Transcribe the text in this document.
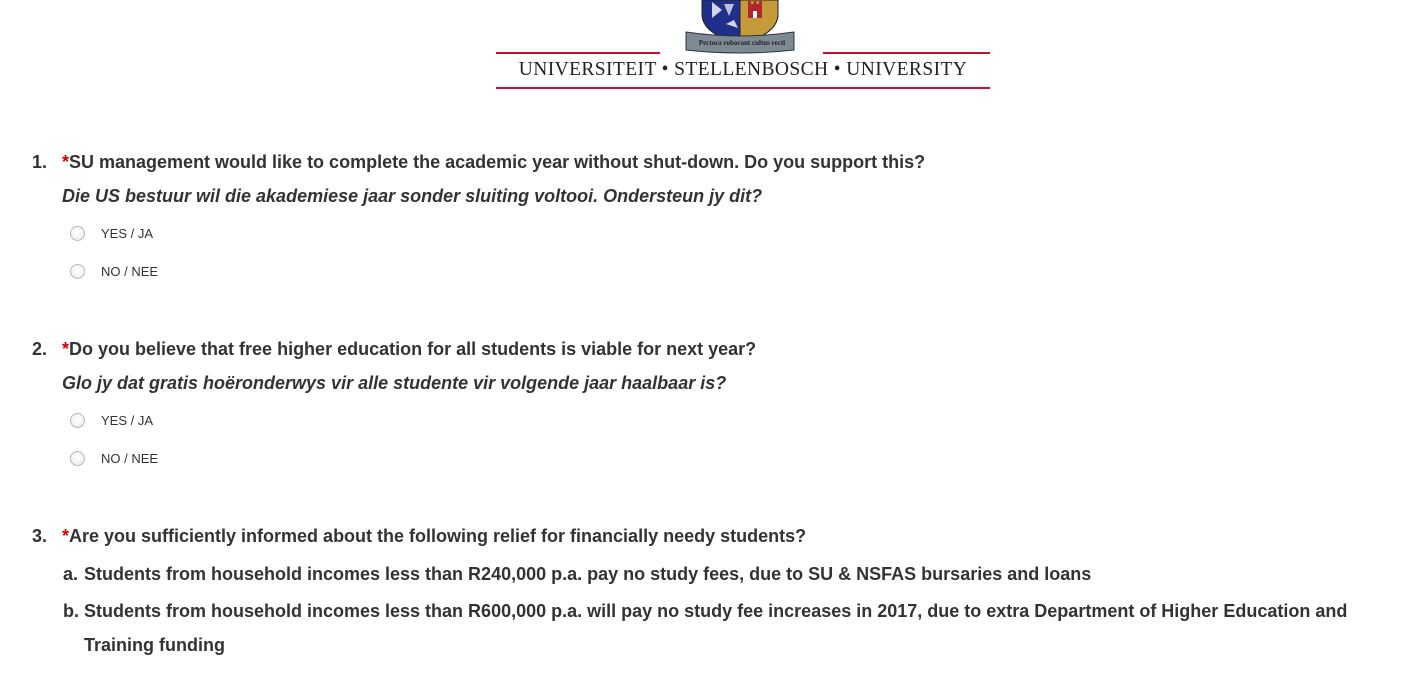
Pectora roborant cultus recti
UNIVERSITEIT • STELLENBOSCH • UNIVERSITY
1. *SU management would like to complete the academic year without shut-down. Do you support this?
Die US bestuur wil die akademiese jaar sonder sluiting voltooi. Ondersteun jy dit?
YES / JA
NO / NEE
2. *Do you believe that free higher education for all students is viable for next year?
Glo jy dat gratis hoëronderwys vir alle studente vir volgende jaar haalbaar is?
YES / JA
NO / NEE
3. *Are you sufficiently informed about the following relief for financially needy students?
a. Students from household incomes less than R240,000 p.a. pay no study fees, due to SU & NSFAS bursaries and loans
b. Students from household incomes less than R600,000 p.a. will pay no study fee increases in 2017, due to extra Department of Higher Education and Training funding
